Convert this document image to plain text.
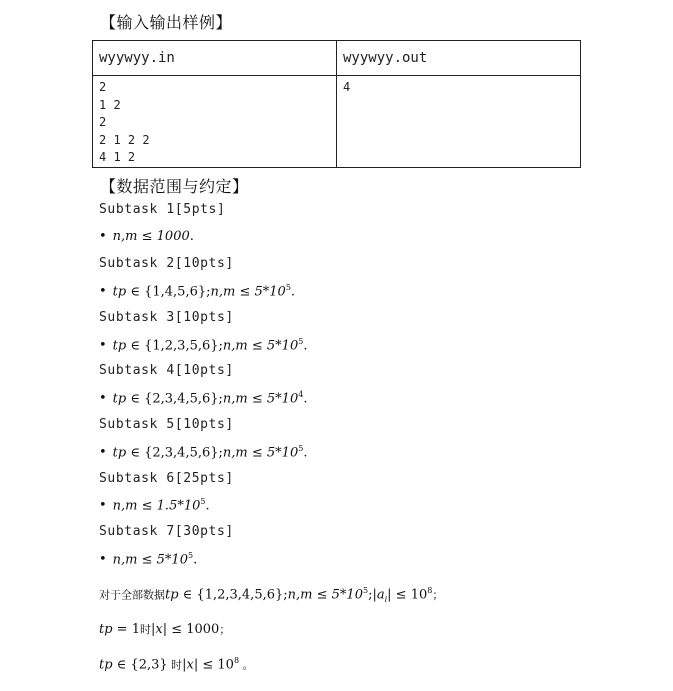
【输入输出样例】
wyywyy.in	wyywyy.out

2
1 2
2
2 1 2 2
4 1 2	4
【数据范围与约定】
Subtask 1[5pts]
• n,m ≤ 1000.
Subtask 2[10pts]
• tp ∈ {1,4,5,6};n,m ≤ $5*10^5$.
Subtask 3[10pts]
• tp ∈ {1,2,3,5,6};n,m ≤ $5*10^5$.
Subtask 4[10pts]
• tp ∈ {2,3,4,5,6};n,m ≤ $5*10^4$.
Subtask 5[10pts]
• tp ∈ {2,3,4,5,6};n,m ≤ $5*10^5$.
Subtask 6[25pts]
• $n,m \le 1.5*10^5$.
Subtask 7[30pts]
• $n,m \le 5*10^5$.
对于全部数据tp ∈ {1,2,3,4,5,6};n,m ≤ $5*10^5;|a_i| \le 10^8$；
tp = 1时|x| ≤ 1000；
tp ∈ {2,3} 时$|x| \le 10^8$ 。
